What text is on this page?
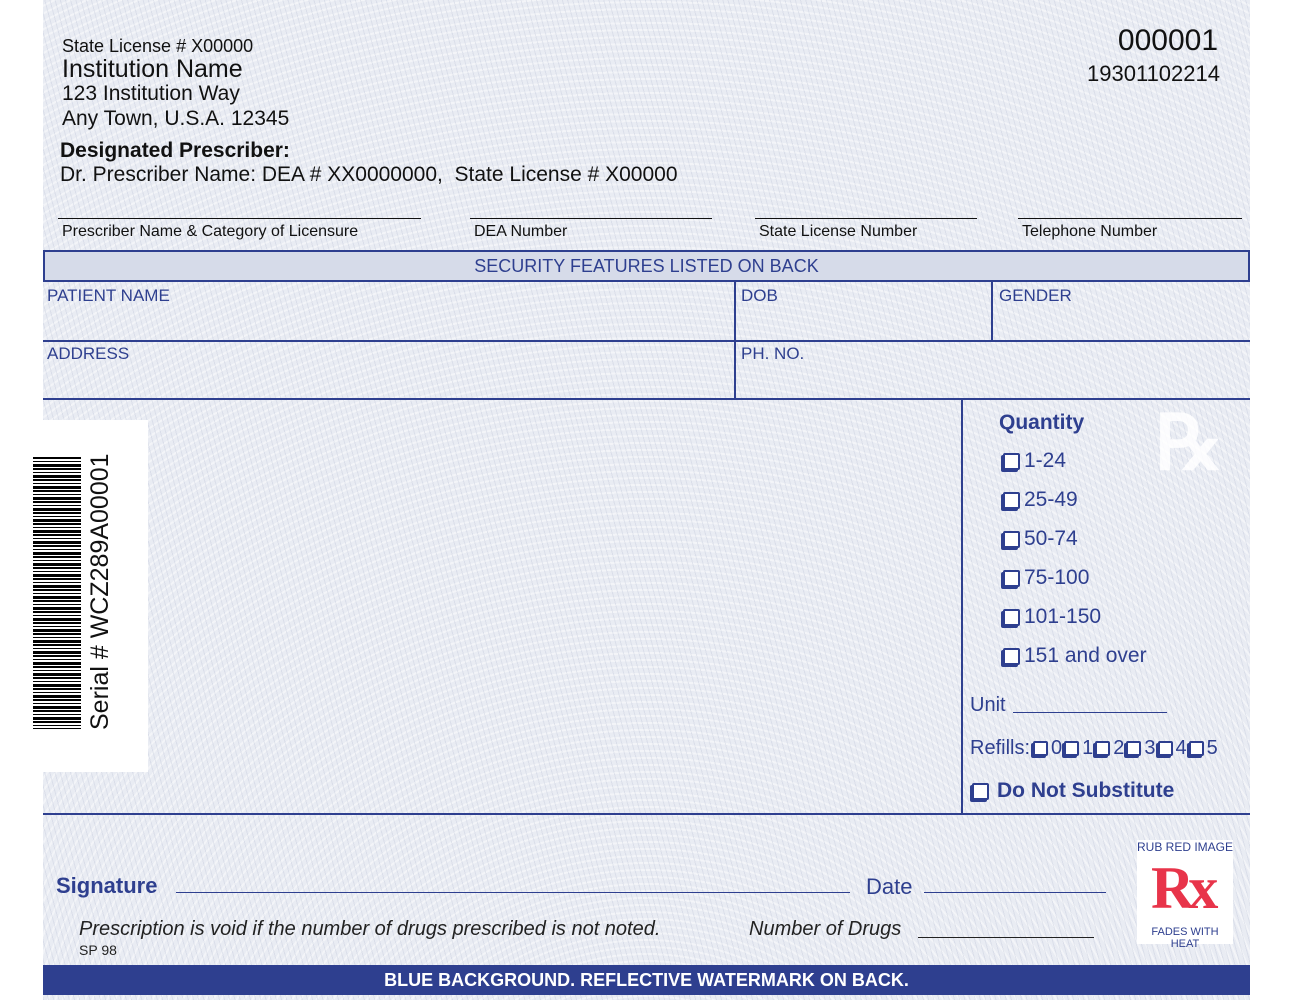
State License # X00000
Institution Name
123 Institution Way
Any Town, U.S.A. 12345
000001
19301102214
Designated Prescriber:
Dr. Prescriber Name: DEA # XX0000000,  State License # X00000
Prescriber Name & Category of Licensure	DEA Number	State License Number	Telephone Number
SECURITY FEATURES LISTED ON BACK
PATIENT NAME	DOB	GENDER
ADDRESS	PH. NO.
Serial # WCZ289A00001
℞
Quantity
1-24
25-49
50-74
75-100
101-150
151 and over
Unit
Refills: 0 1 2 3 4 5
Do Not Substitute
Signature	Date
Prescription is void if the number of drugs prescribed is not noted.	Number of Drugs
SP 98
RUB RED IMAGE
Rx
FADES WITH HEAT
BLUE BACKGROUND. REFLECTIVE WATERMARK ON BACK.
